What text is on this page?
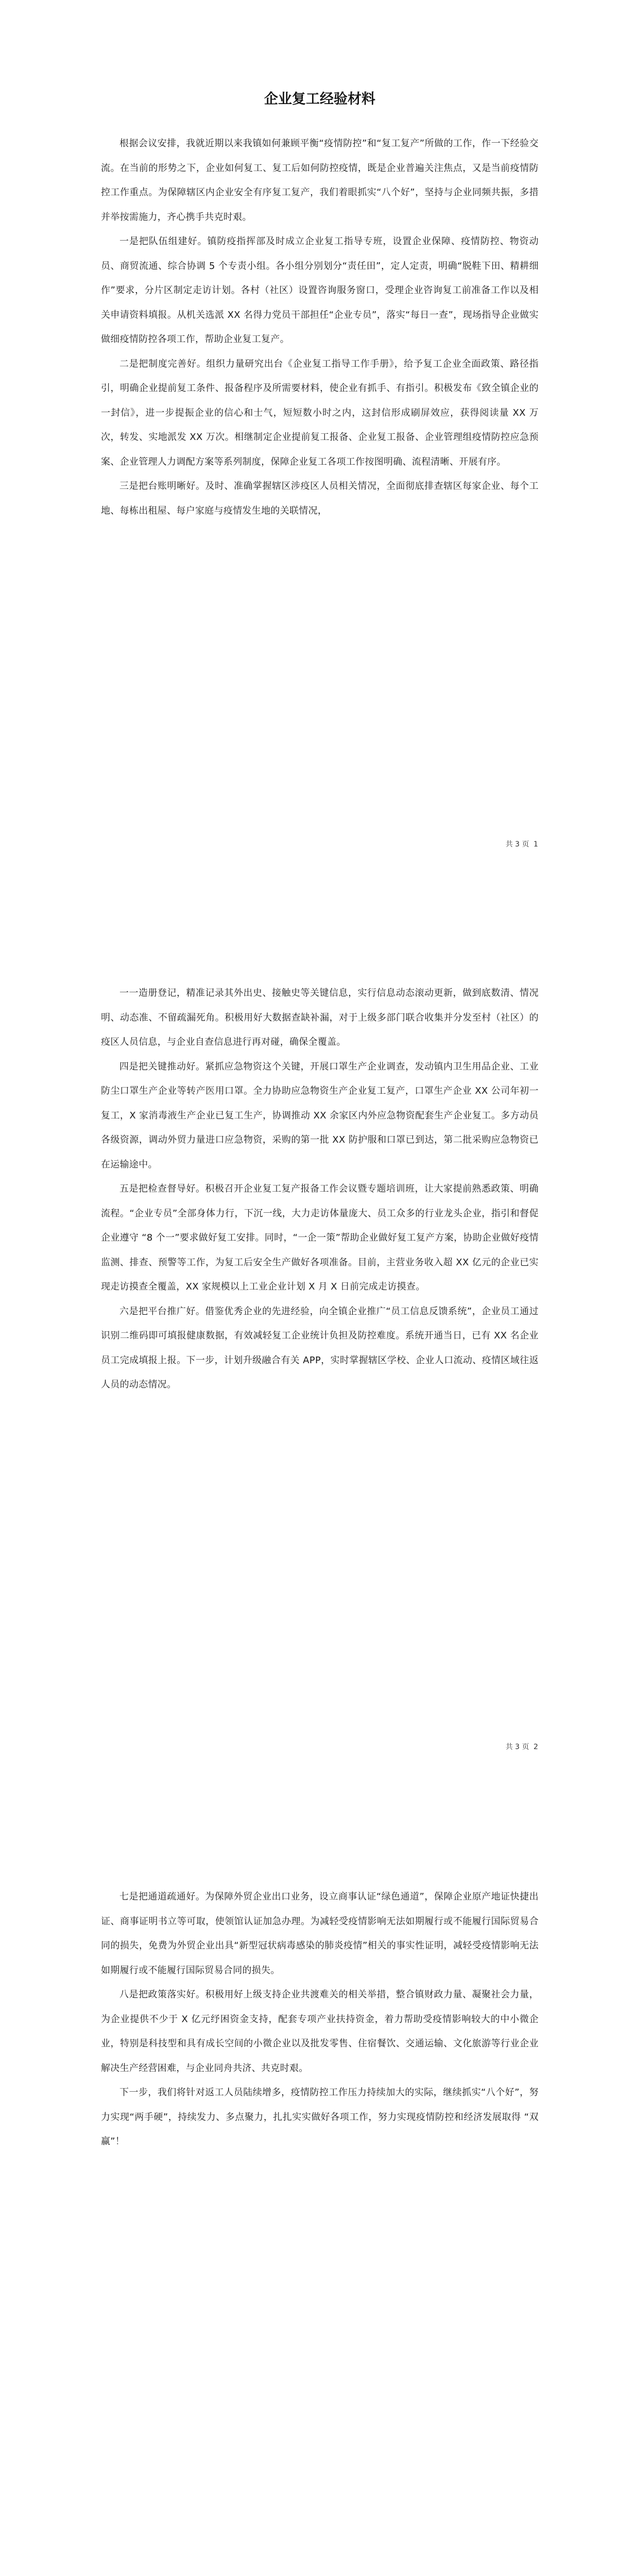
企业复工经验材料

根据会议安排，我就近期以来我镇如何兼顾平衡“疫情防控”和“复工复产”所做的工作，作一下经验交流。在当前的形势之下，企业如何复工、复工后如何防控疫情，既是企业普遍关注焦点，又是当前疫情防控工作重点。为保障辖区内企业安全有序复工复产，我们着眼抓实“八个好”，坚持与企业同频共振，多措并举按需施力，齐心携手共克时艰。

一是把队伍组建好。镇防疫指挥部及时成立企业复工指导专班，设置企业保障、疫情防控、物资动员、商贸流通、综合协调 5 个专责小组。各小组分别划分“责任田”，定人定责，明确“脱鞋下田、精耕细作”要求，分片区制定走访计划。各村（社区）设置咨询服务窗口，受理企业咨询复工前准备工作以及相关申请资料填报。从机关选派 XX 名得力党员干部担任“企业专员”，落实“每日一查”，现场指导企业做实做细疫情防控各项工作，帮助企业复工复产。

二是把制度完善好。组织力量研究出台《企业复工指导工作手册》，给予复工企业全面政策、路径指引，明确企业提前复工条件、报备程序及所需要材料，使企业有抓手、有指引。积极发布《致全镇企业的一封信》，进一步提振企业的信心和士气，短短数小时之内，这封信形成刷屏效应，获得阅读量 XX 万次，转发、实地派发 XX 万次。相继制定企业提前复工报备、企业复工报备、企业管理组疫情防控应急预案、企业管理人力调配方案等系列制度，保障企业复工各项工作按图明确、流程清晰、开展有序。

三是把台账明晰好。及时、准确掌握辖区涉疫区人员相关情况，全面彻底排查辖区每家企业、每个工地、每栋出租屋、每户家庭与疫情发生地的关联情况，

共 3 页 1

一一造册登记，精准记录其外出史、接触史等关键信息，实行信息动态滚动更新，做到底数清、情况明、动态准、不留疏漏死角。积极用好大数据查缺补漏，对于上级多部门联合收集并分发至村（社区）的疫区人员信息，与企业自查信息进行再对碰，确保全覆盖。

四是把关键推动好。紧抓应急物资这个关键，开展口罩生产企业调查，发动镇内卫生用品企业、工业防尘口罩生产企业等转产医用口罩。全力协助应急物资生产企业复工复产，口罩生产企业 XX 公司年初一复工，X 家消毒液生产企业已复工生产，协调推动 XX 余家区内外应急物资配套生产企业复工。多方动员各级资源，调动外贸力量进口应急物资，采购的第一批 XX 防护服和口罩已到达，第二批采购应急物资已在运输途中。

五是把检查督导好。积极召开企业复工复产报备工作会议暨专题培训班，让大家提前熟悉政策、明确流程。“企业专员”全部身体力行，下沉一线，大力走访体量庞大、员工众多的行业龙头企业，指引和督促企业遵守 “8 个一”要求做好复工安排。同时，“一企一策”帮助企业做好复工复产方案，协助企业做好疫情监测、排查、预警等工作，为复工后安全生产做好各项准备。目前，主营业务收入超 XX 亿元的企业已实现走访摸查全覆盖，XX 家规模以上工业企业计划 X 月 X 日前完成走访摸查。

六是把平台推广好。借鉴优秀企业的先进经验，向全镇企业推广“员工信息反馈系统”，企业员工通过识别二维码即可填报健康数据，有效减轻复工企业统计负担及防控难度。系统开通当日，已有 XX 名企业员工完成填报上报。下一步，计划升级融合有关 APP，实时掌握辖区学校、企业人口流动、疫情区域往返人员的动态情况。

共 3 页 2

七是把通道疏通好。为保障外贸企业出口业务，设立商事认证“绿色通道”，保障企业原产地证快捷出证、商事证明书立等可取，使领馆认证加急办理。为减轻受疫情影响无法如期履行或不能履行国际贸易合同的损失，免费为外贸企业出具“新型冠状病毒感染的肺炎疫情”相关的事实性证明，减轻受疫情影响无法如期履行或不能履行国际贸易合同的损失。

八是把政策落实好。积极用好上级支持企业共渡难关的相关举措，整合镇财政力量、凝聚社会力量，为企业提供不少于 X 亿元纾困资金支持，配套专项产业扶持资金，着力帮助受疫情影响较大的中小微企业，特别是科技型和具有成长空间的小微企业以及批发零售、住宿餐饮、交通运输、文化旅游等行业企业解决生产经营困难，与企业同舟共济、共克时艰。

下一步，我们将针对返工人员陆续增多，疫情防控工作压力持续加大的实际，继续抓实“八个好”，努力实现“两手硬”，持续发力、多点聚力，扎扎实实做好各项工作，努力实现疫情防控和经济发展取得 “双赢”！
